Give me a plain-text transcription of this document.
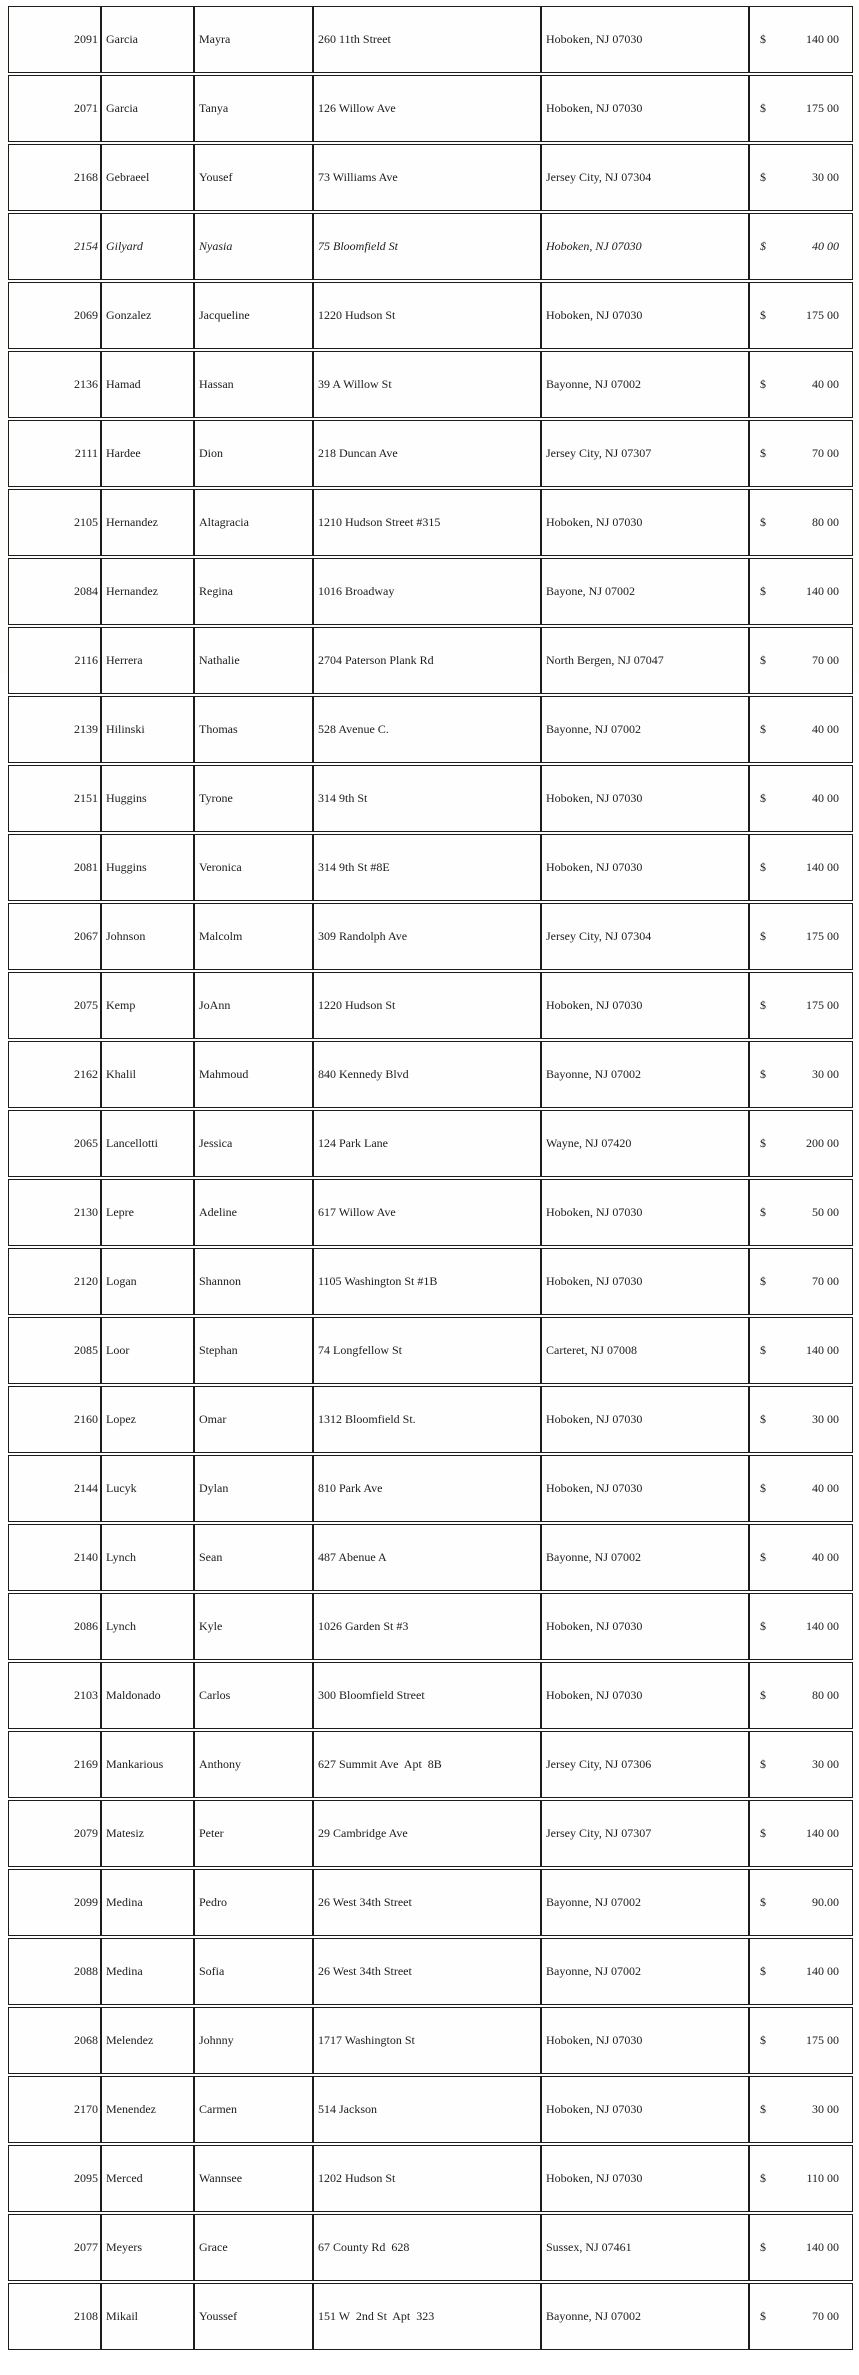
2091	Garcia	Mayra	260 11th Street	Hoboken, NJ 07030	$ 140 00

2071	Garcia	Tanya	126 Willow Ave	Hoboken, NJ 07030	$ 175 00

2168	Gebraeel	Yousef	73 Williams Ave	Jersey City, NJ 07304	$ 30 00

2154	Gilyard	Nyasia	75 Bloomfield St	Hoboken, NJ 07030	$ 40 00

2069	Gonzalez	Jacqueline	1220 Hudson St	Hoboken, NJ 07030	$ 175 00

2136	Hamad	Hassan	39 A Willow St	Bayonne, NJ 07002	$ 40 00

2111	Hardee	Dion	218 Duncan Ave	Jersey City, NJ 07307	$ 70 00

2105	Hernandez	Altagracia	1210 Hudson Street #315	Hoboken, NJ 07030	$ 80 00

2084	Hernandez	Regina	1016 Broadway	Bayone, NJ 07002	$ 140 00

2116	Herrera	Nathalie	2704 Paterson Plank Rd	North Bergen, NJ 07047	$ 70 00

2139	Hilinski	Thomas	528 Avenue C.	Bayonne, NJ 07002	$ 40 00

2151	Huggins	Tyrone	314 9th St	Hoboken, NJ 07030	$ 40 00

2081	Huggins	Veronica	314 9th St #8E	Hoboken, NJ 07030	$ 140 00

2067	Johnson	Malcolm	309 Randolph Ave	Jersey City, NJ 07304	$ 175 00

2075	Kemp	JoAnn	1220 Hudson St	Hoboken, NJ 07030	$ 175 00

2162	Khalil	Mahmoud	840 Kennedy Blvd	Bayonne, NJ 07002	$ 30 00

2065	Lancellotti	Jessica	124 Park Lane	Wayne, NJ 07420	$ 200 00

2130	Lepre	Adeline	617 Willow Ave	Hoboken, NJ 07030	$ 50 00

2120	Logan	Shannon	1105 Washington St #1B	Hoboken, NJ 07030	$ 70 00

2085	Loor	Stephan	74 Longfellow St	Carteret, NJ 07008	$ 140 00

2160	Lopez	Omar	1312 Bloomfield St.	Hoboken, NJ 07030	$ 30 00

2144	Lucyk	Dylan	810 Park Ave	Hoboken, NJ 07030	$ 40 00

2140	Lynch	Sean	487 Abenue A	Bayonne, NJ 07002	$ 40 00

2086	Lynch	Kyle	1026 Garden St #3	Hoboken, NJ 07030	$ 140 00

2103	Maldonado	Carlos	300 Bloomfield Street	Hoboken, NJ 07030	$ 80 00

2169	Mankarious	Anthony	627 Summit Ave  Apt  8B	Jersey City, NJ 07306	$ 30 00

2079	Matesiz	Peter	29 Cambridge Ave	Jersey City, NJ 07307	$ 140 00

2099	Medina	Pedro	26 West 34th Street	Bayonne, NJ 07002	$ 90.00

2088	Medina	Sofia	26 West 34th Street	Bayonne, NJ 07002	$ 140 00

2068	Melendez	Johnny	1717 Washington St	Hoboken, NJ 07030	$ 175 00

2170	Menendez	Carmen	514 Jackson	Hoboken, NJ 07030	$ 30 00

2095	Merced	Wannsee	1202 Hudson St	Hoboken, NJ 07030	$ 110 00

2077	Meyers	Grace	67 County Rd  628	Sussex, NJ 07461	$ 140 00

2108	Mikail	Youssef	151 W  2nd St  Apt  323	Bayonne, NJ 07002	$ 70 00
